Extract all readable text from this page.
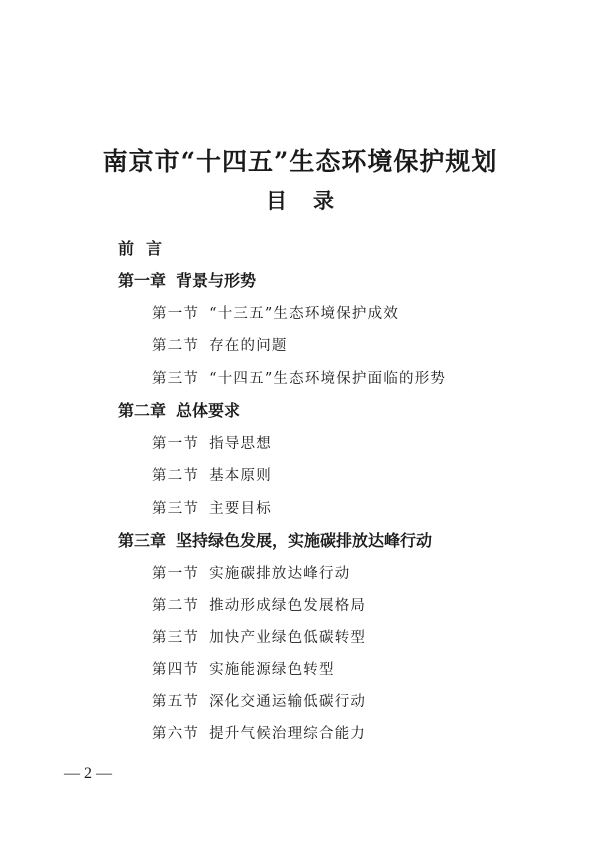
南京市“十四五”生态环境保护规划
目录
前言
第一章 背景与形势
第一节 “十三五”生态环境保护成效
第二节 存在的问题
第三节 “十四五”生态环境保护面临的形势
第二章 总体要求
第一节 指导思想
第二节 基本原则
第三节 主要目标
第三章 坚持绿色发展，实施碳排放达峰行动
第一节 实施碳排放达峰行动
第二节 推动形成绿色发展格局
第三节 加快产业绿色低碳转型
第四节 实施能源绿色转型
第五节 深化交通运输低碳行动
第六节 提升气候治理综合能力
— 2 —
